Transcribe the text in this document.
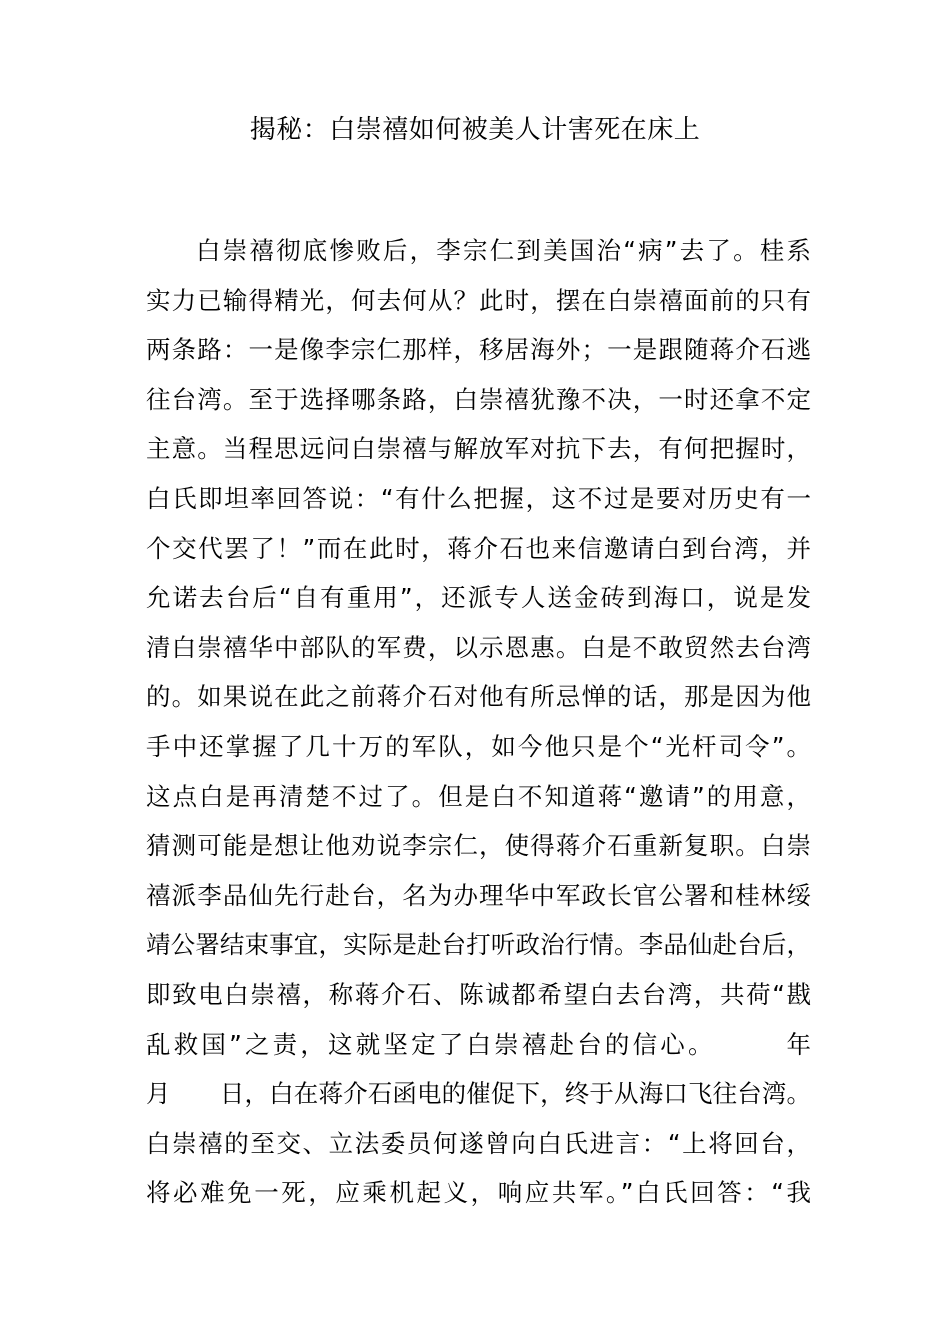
揭秘：白崇禧如何被美人计害死在床上
白崇禧彻底惨败后，李宗仁到美国治“病”去了。桂系
实力已输得精光，何去何从？此时，摆在白崇禧面前的只有
两条路：一是像李宗仁那样，移居海外；一是跟随蒋介石逃
往台湾。至于选择哪条路，白崇禧犹豫不决，一时还拿不定
主意。当程思远问白崇禧与解放军对抗下去，有何把握时，
白氏即坦率回答说：“有什么把握，这不过是要对历史有一
个交代罢了！”而在此时，蒋介石也来信邀请白到台湾，并
允诺去台后“自有重用”，还派专人送金砖到海口，说是发
清白崇禧华中部队的军费，以示恩惠。白是不敢贸然去台湾
的。如果说在此之前蒋介石对他有所忌惮的话，那是因为他
手中还掌握了几十万的军队，如今他只是个“光杆司令”。
这点白是再清楚不过了。但是白不知道蒋“邀请”的用意，
猜测可能是想让他劝说李宗仁，使得蒋介石重新复职。白崇
禧派李品仙先行赴台，名为办理华中军政长官公署和桂林绥
靖公署结束事宜，实际是赴台打听政治行情。李品仙赴台后，
即致电白崇禧，称蒋介石、陈诚都希望白去台湾，共荷“戡
乱救国”之责，这就坚定了白崇禧赴台的信心。　　　年
月　　日，白在蒋介石函电的催促下，终于从海口飞往台湾。
白崇禧的至交、立法委员何遂曾向白氏进言：“上将回台，
将必难免一死，应乘机起义，响应共军。”白氏回答：“我
